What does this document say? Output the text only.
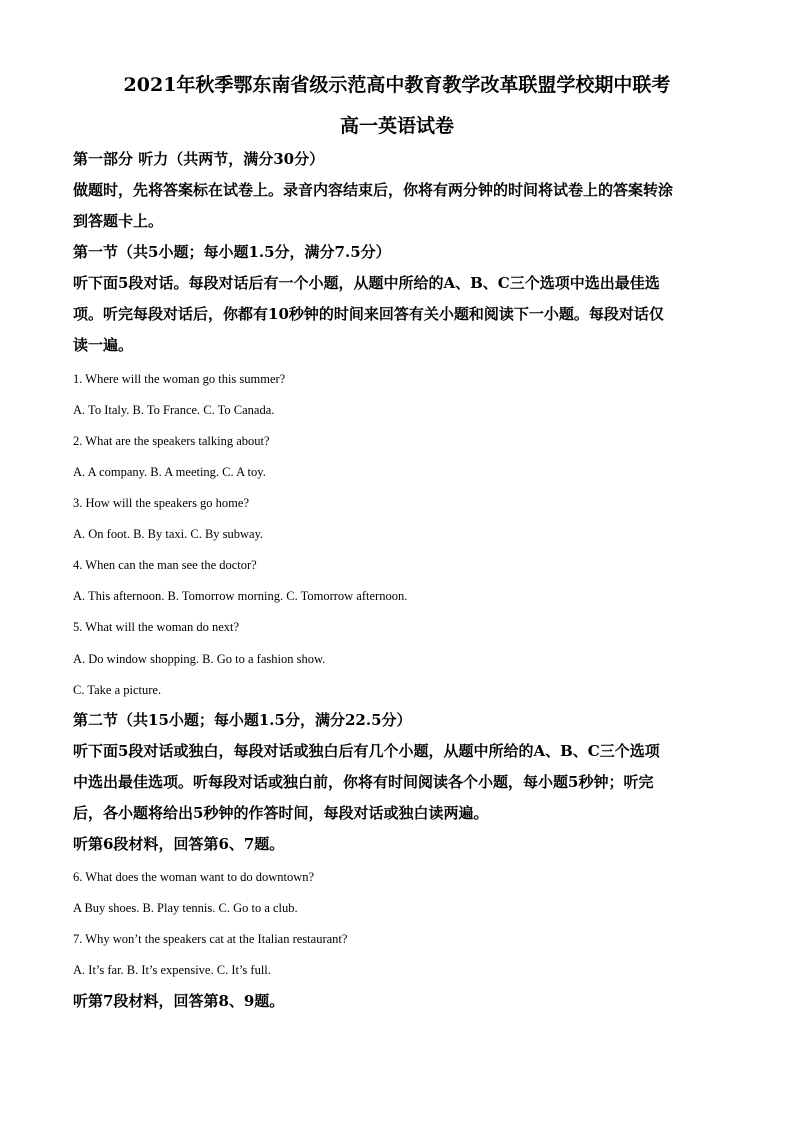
2021年秋季鄂东南省级示范高中教育教学改革联盟学校期中联考
高一英语试卷
第一部分 听力（共两节，满分30分）
做题时，先将答案标在试卷上。录音内容结束后，你将有两分钟的时间将试卷上的答案转涂
到答题卡上。
第一节（共5小题；每小题1.5分，满分7.5分）
听下面5段对话。每段对话后有一个小题，从题中所给的A、B、C三个选项中选出最佳选
项。听完每段对话后，你都有10秒钟的时间来回答有关小题和阅读下一小题。每段对话仅
读一遍。
1. Where will the woman go this summer?
A. To Italy. B. To France. C. To Canada.
2. What are the speakers talking about?
A. A company. B. A meeting. C. A toy.
3. How will the speakers go home?
A. On foot. B. By taxi. C. By subway.
4. When can the man see the doctor?
A. This afternoon. B. Tomorrow morning. C. Tomorrow afternoon.
5. What will the woman do next?
A. Do window shopping. B. Go to a fashion show.
C. Take a picture.
第二节（共15小题；每小题1.5分，满分22.5分）
听下面5段对话或独白，每段对话或独白后有几个小题，从题中所给的A、B、C三个选项
中选出最佳选项。听每段对话或独白前，你将有时间阅读各个小题，每小题5秒钟；听完
后，各小题将给出5秒钟的作答时间，每段对话或独白读两遍。
听第6段材料，回答第6、7题。
6. What does the woman want to do downtown?
A Buy shoes. B. Play tennis. C. Go to a club.
7. Why won’t the speakers cat at the Italian restaurant?
A. It’s far. B. It’s expensive. C. It’s full.
听第7段材料，回答第8、9题。
